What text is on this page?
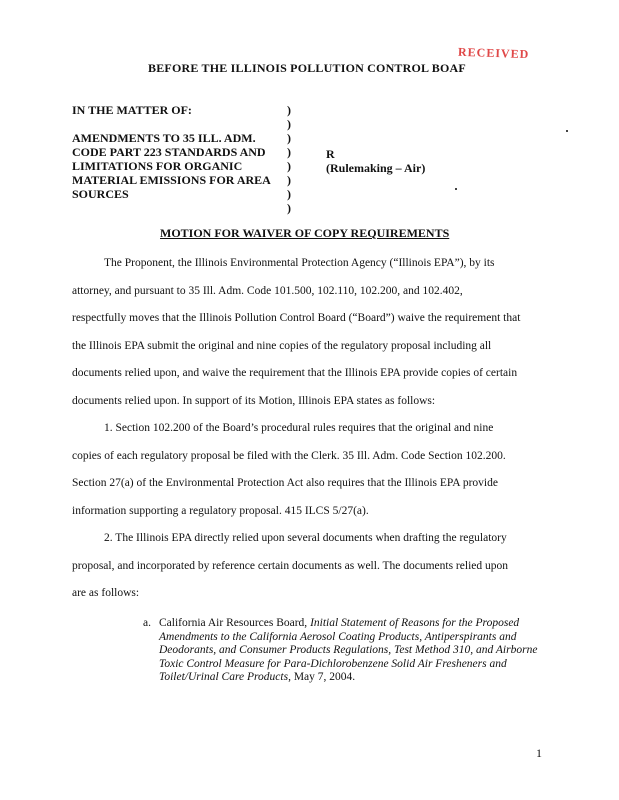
BEFORE THE ILLINOIS POLLUTION CONTROL BOAF
RECEIVED
IN THE MATTER OF:
AMENDMENTS TO 35 ILL. ADM.
CODE PART 223 STANDARDS AND
LIMITATIONS FOR ORGANIC
MATERIAL EMISSIONS FOR AREA
SOURCES
)
)
)
)
)
)
)
)
R
(Rulemaking – Air)
MOTION FOR WAIVER OF COPY REQUIREMENTS

The Proponent, the Illinois Environmental Protection Agency (“Illinois EPA”), by its

attorney, and pursuant to 35 Ill. Adm. Code 101.500, 102.110, 102.200, and 102.402,

respectfully moves that the Illinois Pollution Control Board (“Board”) waive the requirement that

the Illinois EPA submit the original and nine copies of the regulatory proposal including all

documents relied upon, and waive the requirement that the Illinois EPA provide copies of certain

documents relied upon. In support of its Motion, Illinois EPA states as follows:

1. Section 102.200 of the Board’s procedural rules requires that the original and nine

copies of each regulatory proposal be filed with the Clerk. 35 Ill. Adm. Code Section 102.200.

Section 27(a) of the Environmental Protection Act also requires that the Illinois EPA provide

information supporting a regulatory proposal. 415 ILCS 5/27(a).

2. The Illinois EPA directly relied upon several documents when drafting the regulatory

proposal, and incorporated by reference certain documents as well. The documents relied upon

are as follows:

a. California Air Resources Board, Initial Statement of Reasons for the Proposed Amendments to the California Aerosol Coating Products, Antiperspirants and Deodorants, and Consumer Products Regulations, Test Method 310, and Airborne Toxic Control Measure for Para-Dichlorobenzene Solid Air Fresheners and Toilet/Urinal Care Products, May 7, 2004.
1
